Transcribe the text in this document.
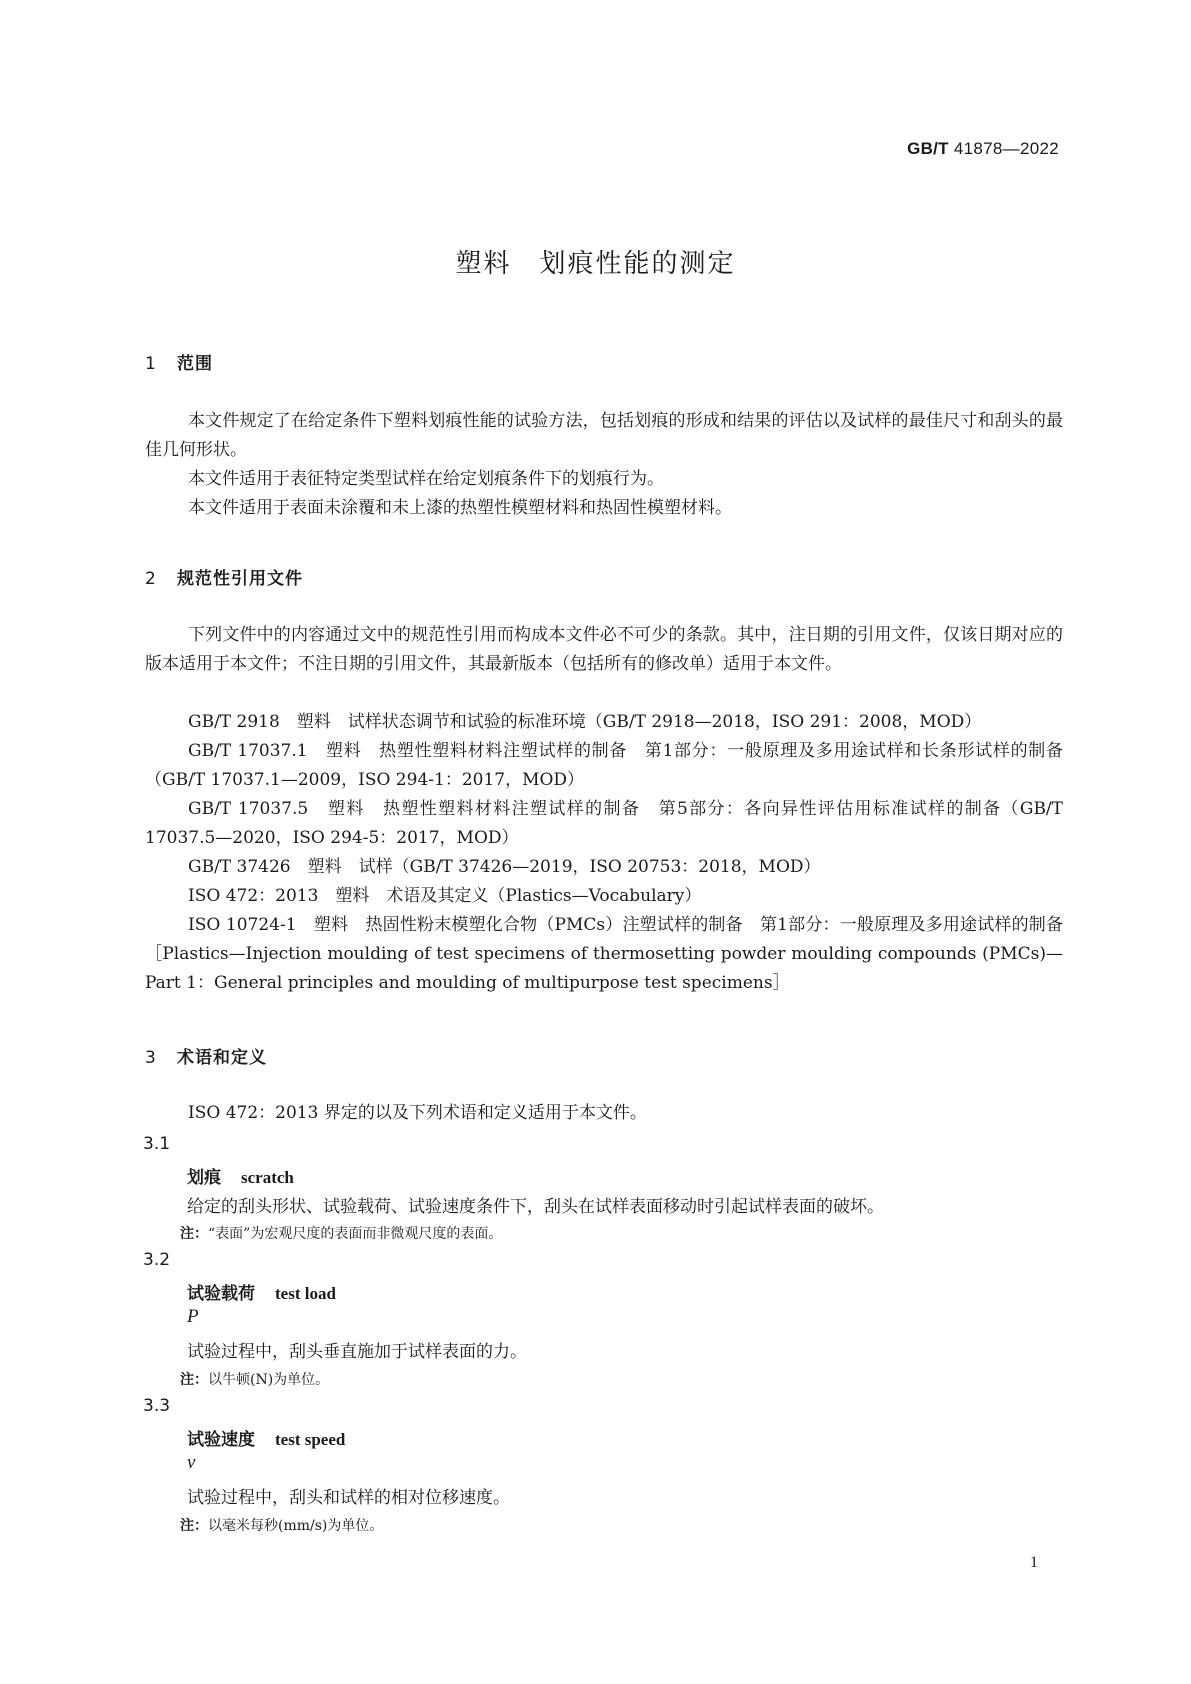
GB/T 41878—2022
塑料　划痕性能的测定
1 范围
本文件规定了在给定条件下塑料划痕性能的试验方法，包括划痕的形成和结果的评估以及试样的最佳尺寸和刮头的最佳几何形状。
本文件适用于表征特定类型试样在给定划痕条件下的划痕行为。
本文件适用于表面未涂覆和未上漆的热塑性模塑材料和热固性模塑材料。
2 规范性引用文件
下列文件中的内容通过文中的规范性引用而构成本文件必不可少的条款。其中，注日期的引用文件，仅该日期对应的版本适用于本文件；不注日期的引用文件，其最新版本（包括所有的修改单）适用于本文件。
GB/T 2918　塑料　试样状态调节和试验的标准环境（GB/T 2918—2018，ISO 291：2008，MOD）
GB/T 17037.1　塑料　热塑性塑料材料注塑试样的制备　第1部分：一般原理及多用途试样和长条形试样的制备（GB/T 17037.1—2009，ISO 294-1：2017，MOD）
GB/T 17037.5　塑料　热塑性塑料材料注塑试样的制备　第5部分：各向异性评估用标准试样的制备（GB/T 17037.5—2020，ISO 294-5：2017，MOD）
GB/T 37426　塑料　试样（GB/T 37426—2019，ISO 20753：2018，MOD）
ISO 472：2013　塑料　术语及其定义（Plastics—Vocabulary）
ISO 10724-1　塑料　热固性粉末模塑化合物（PMCs）注塑试样的制备　第1部分：一般原理及多用途试样的制备［Plastics—Injection moulding of test specimens of thermosetting powder moulding compounds (PMCs)—Part 1：General principles and moulding of multipurpose test specimens］
3 术语和定义
ISO 472：2013 界定的以及下列术语和定义适用于本文件。
3.1
划痕 scratch
给定的刮头形状、试验载荷、试验速度条件下，刮头在试样表面移动时引起试样表面的破坏。
注：“表面”为宏观尺度的表面而非微观尺度的表面。
3.2
试验载荷 test load
P
试验过程中，刮头垂直施加于试样表面的力。
注：以牛顿(N)为单位。
3.3
试验速度 test speed
v
试验过程中，刮头和试样的相对位移速度。
注：以毫米每秒(mm/s)为单位。
1
